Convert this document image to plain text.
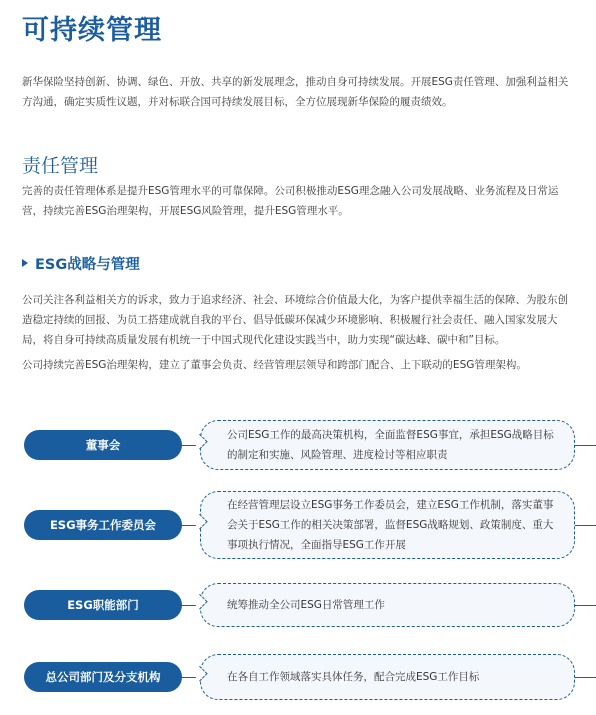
可持续管理

新华保险坚持创新、协调、绿色、开放、共享的新发展理念，推动自身可持续发展。开展ESG责任管理、加强利益相关方沟通，确定实质性议题，并对标联合国可持续发展目标，全方位展现新华保险的履责绩效。

责任管理

完善的责任管理体系是提升ESG管理水平的可靠保障。公司积极推动ESG理念融入公司发展战略、业务流程及日常运营，持续完善ESG治理架构，开展ESG风险管理，提升ESG管理水平。

ESG战略与管理

公司关注各利益相关方的诉求，致力于追求经济、社会、环境综合价值最大化，为客户提供幸福生活的保障、为股东创造稳定持续的回报、为员工搭建成就自我的平台、倡导低碳环保减少环境影响、积极履行社会责任、融入国家发展大局，将自身可持续高质量发展有机统一于中国式现代化建设实践当中，助力实现“碳达峰、碳中和”目标。

公司持续完善ESG治理架构，建立了董事会负责、经营管理层领导和跨部门配合、上下联动的ESG管理架构。

董事会
公司ESG工作的最高决策机构，全面监督ESG事宜，承担ESG战略目标的制定和实施、风险管理、进度检讨等相应职责
ESG事务工作委员会
在经营管理层设立ESG事务工作委员会，建立ESG工作机制，落实董事会关于ESG工作的相关决策部署，监督ESG战略规划、政策制度、重大事项执行情况，全面指导ESG工作开展
ESG职能部门	统筹推动全公司ESG日常管理工作
总公司部门及分支机构	在各自工作领域落实具体任务，配合完成ESG工作目标
